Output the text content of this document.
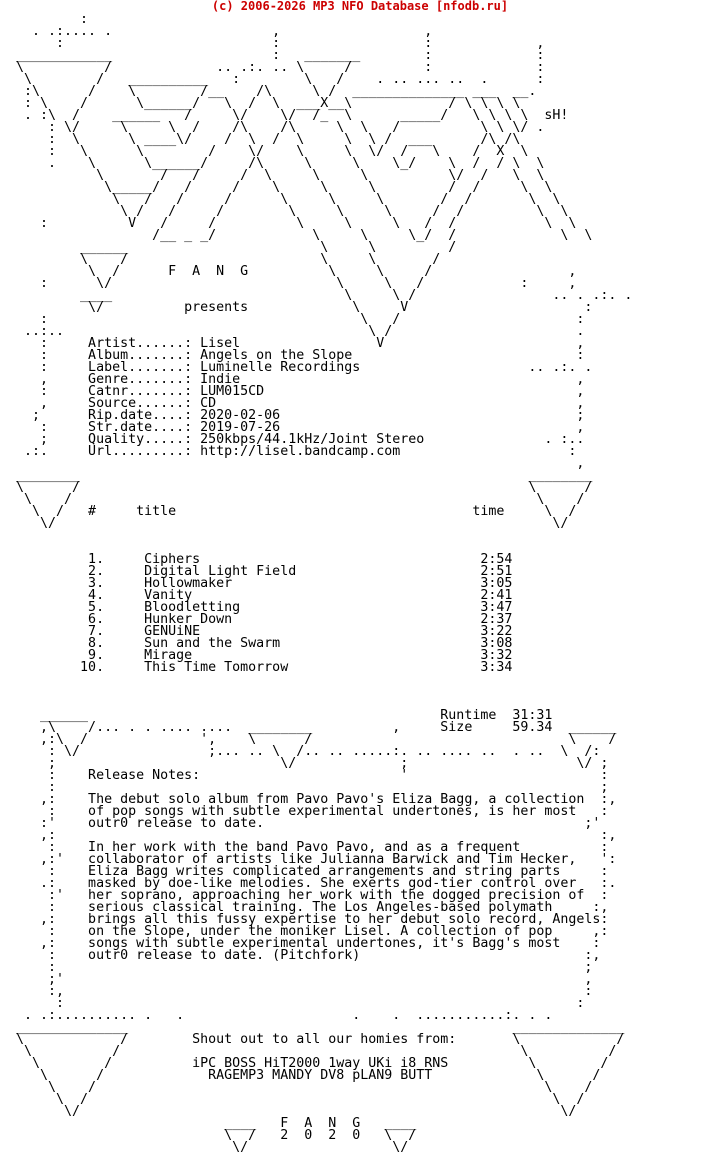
(c) 2006-2026 MP3 NFO Database [nfodb.ru]
:
. .:.... .                    ,                  ,
:                          :                  :             ,
____________                    :   _______        :             :
\          /             .. .:. .. \     /         :             :
\        /   __________   :        \   /    . .. ... ..  .      :
:\      /    \        /__    /\     \ /  ______________ ___  __.
: \    /      \______/   \  /  \  ___X__\            / \ \ \ \
. :\  /    ______   /     \/    \/  /_  \      _____/   \ \ \ \  sH!
: \/     \     \  /    /\    /\     \  \   /          \ \ \/ .
:  \      \ ____\/    /  \  /  \     \  \ /  ___      /\ /\
:   \      \        /    \/    \     \  \/  /   \    /  X  \
.    \      \______/     /\     \     \    \_/    \  /  / \  \
\       /   /     /  \     \     \          \/  /   \  \
\_____/   /     /    \     \     \         /  /     \  \
\   /   /     /      \     \     \       /  /       \  \
\ /   /     /        \     \     \     /  /         \  \
:          V   /     /          \     \     \   /  /           \  \
/__ _ _/            \     \     \_/  /             \  \
______                        \     \         /
\    /                        \     \       /
\  /      F  A  N  G          \     \     /                 ,
:      \/                            \     \   /            :     ,
____                             \     \ /                 .. . .:. .
\/          presents             \     V                      :
:                                       \   /                      :
..:..                                      \ /                       .
:     Artist......: Lisel                 V                        ,
:     Album.......: Angels on the Slope                            :
:     Label.......: Luminelle Recordings                     .. .:. .
,     Genre.......: Indie                                          ,
:     Catnr.......: LUM015CD                                       ,
,     Source......: CD                                             ,
;      Rip.date....: 2020-02-06                                     ;
:     Str.date....: 2019-07-26                                     ,
;     Quality.....: 250kbps/44.1kHz/Joint Stereo               . :..
.:.     Url.........: http://lisel.bandcamp.com                     :
,
________                                                        ________
\      /                                                        \      /
\    /                                                          \    /
\  /   #     title                                     time     \  /
\/                                                              \/

1.     Ciphers                                   2:54
2.     Digital Light Field                       2:51
3.     Hollowmaker                               3:05
4.     Vanity                                    2:41
5.     Bloodletting                              3:47
6.     Hunker Down                               2:37
7.     GENUiNE                                   3:22
8.     Sun and the Swarm                         3:08
9.     Mirage                                    3:32
10.     This Time Tomorrow                        3:34

______                                            Runtime  31:31
,\    /... . . .... ....  ________          ,     Size     59.34  ______
,:\  /              ',    \      /                                \    /
: \/                ;... .. \  /.. .. .....:. .. .... ..  . ..  \  /:
;                            \/             ;                     \/ ;
:    Release Notes:                         '                        :
:                                                                    ;
,:    The debut solo album from Pavo Pavo's Eliza Bagg, a collection  :,
:    of pop songs with subtle experimental undertones, is her most   :
:'    outr0 release to date.                                        ;'
,:                                                                    :,
:    In her work with the band Pavo Pavo, and as a frequent          :
,:'   collaborator of artists like Julianna Barwick and Tim Hecker,   ':
:    Eliza Bagg writes complicated arrangements and string parts     :
.:    masked by doe-like melodies. She exerts god-tier control over   :.
:'   her soprano, approaching her work with the dogged precision of  :
:    serious classical training. The Los Angeles-based polymath     :,
,:    brings all this fussy expertise to her debut solo record, Angels:
:    on the Slope, under the moniker Lisel. A collection of pop     ,:
,:    songs with subtle experimental undertones, it's Bagg's most    :
:    outr0 release to date. (Pitchfork)                            :,
:                                                                  ;
;'                                                                 ,
:,                                                                 :
:                                                                :
. .:.......... .   .                     .    .  ...........:. . .
______________                                                ______________
\            /        Shout out to all our homies from:       \            /
\          /                                                  \          /
\        /          iPC BOSS HiT2000 1way UKi i8 RNS          \        /
\      /             RAGEMP3 MANDY DV8 pLAN9 BUTT             \      /
\    /                                                        \    /
\  /                                                          \  /
\/                                                            \/
____   F  A  N  G   ____
\  /   2  0  2  0   \  /
\/                  \/
